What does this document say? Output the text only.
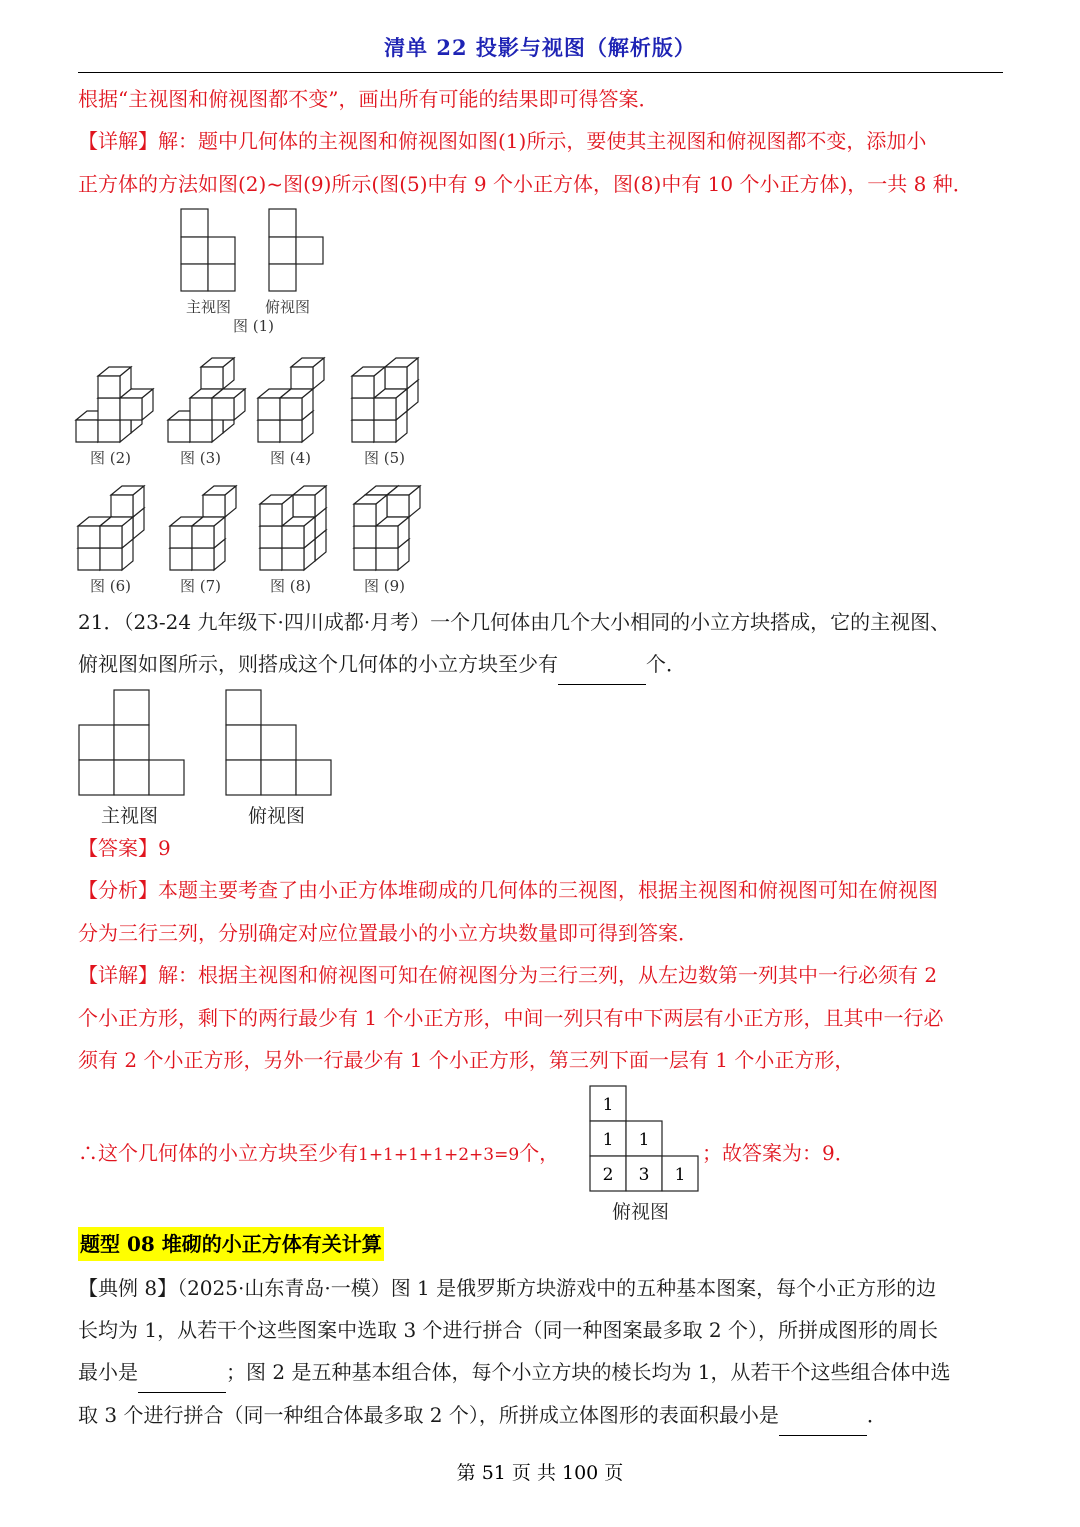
清单 22 投影与视图（解析版）
根据“主视图和俯视图都不变”，画出所有可能的结果即可得答案．
【详解】解：题中几何体的主视图和俯视图如图(1)所示，要使其主视图和俯视图都不变，添加小
正方体的方法如图(2)~图(9)所示(图(5)中有 9 个小正方体，图(8)中有 10 个小正方体)，一共 8 种．
主视图 俯视图
图 (1)
图 (2)	图 (3)	图 (4)	图 (5)
图 (6)	图 (7)	图 (8)	图 (9)
21．（23-24 九年级下·四川成都·月考）一个几何体由几个大小相同的小立方块搭成，它的主视图、
俯视图如图所示，则搭成这个几何体的小立方块至少有	个．
主视图	俯视图
【答案】9
【分析】本题主要考查了由小正方体堆砌成的几何体的三视图，根据主视图和俯视图可知在俯视图
分为三行三列，分别确定对应位置最小的小立方块数量即可得到答案．
【详解】解：根据主视图和俯视图可知在俯视图分为三行三列，从左边数第一列其中一行必须有 2
个小正方形，剩下的两行最少有 1 个小正方形，中间一列只有中下两层有小正方形，且其中一行必
须有 2 个小正方形，另外一行最少有 1 个小正方形，第三列下面一层有 1 个小正方形，
∴这个几何体的小立方块至少有1+1+1+1+2+3=9个，
1
1 1
2 3 1
；故答案为：9．
俯视图
题型 08 堆砌的小正方体有关计算
【典例 8】（2025·山东青岛·一模）图 1 是俄罗斯方块游戏中的五种基本图案，每个小正方形的边
长均为 1，从若干个这些图案中选取 3 个进行拼合（同一种图案最多取 2 个），所拼成图形的周长
最小是	；图 2 是五种基本组合体，每个小立方块的棱长均为 1，从若干个这些组合体中选
取 3 个进行拼合（同一种组合体最多取 2 个），所拼成立体图形的表面积最小是	．
第 51 页 共 100 页
